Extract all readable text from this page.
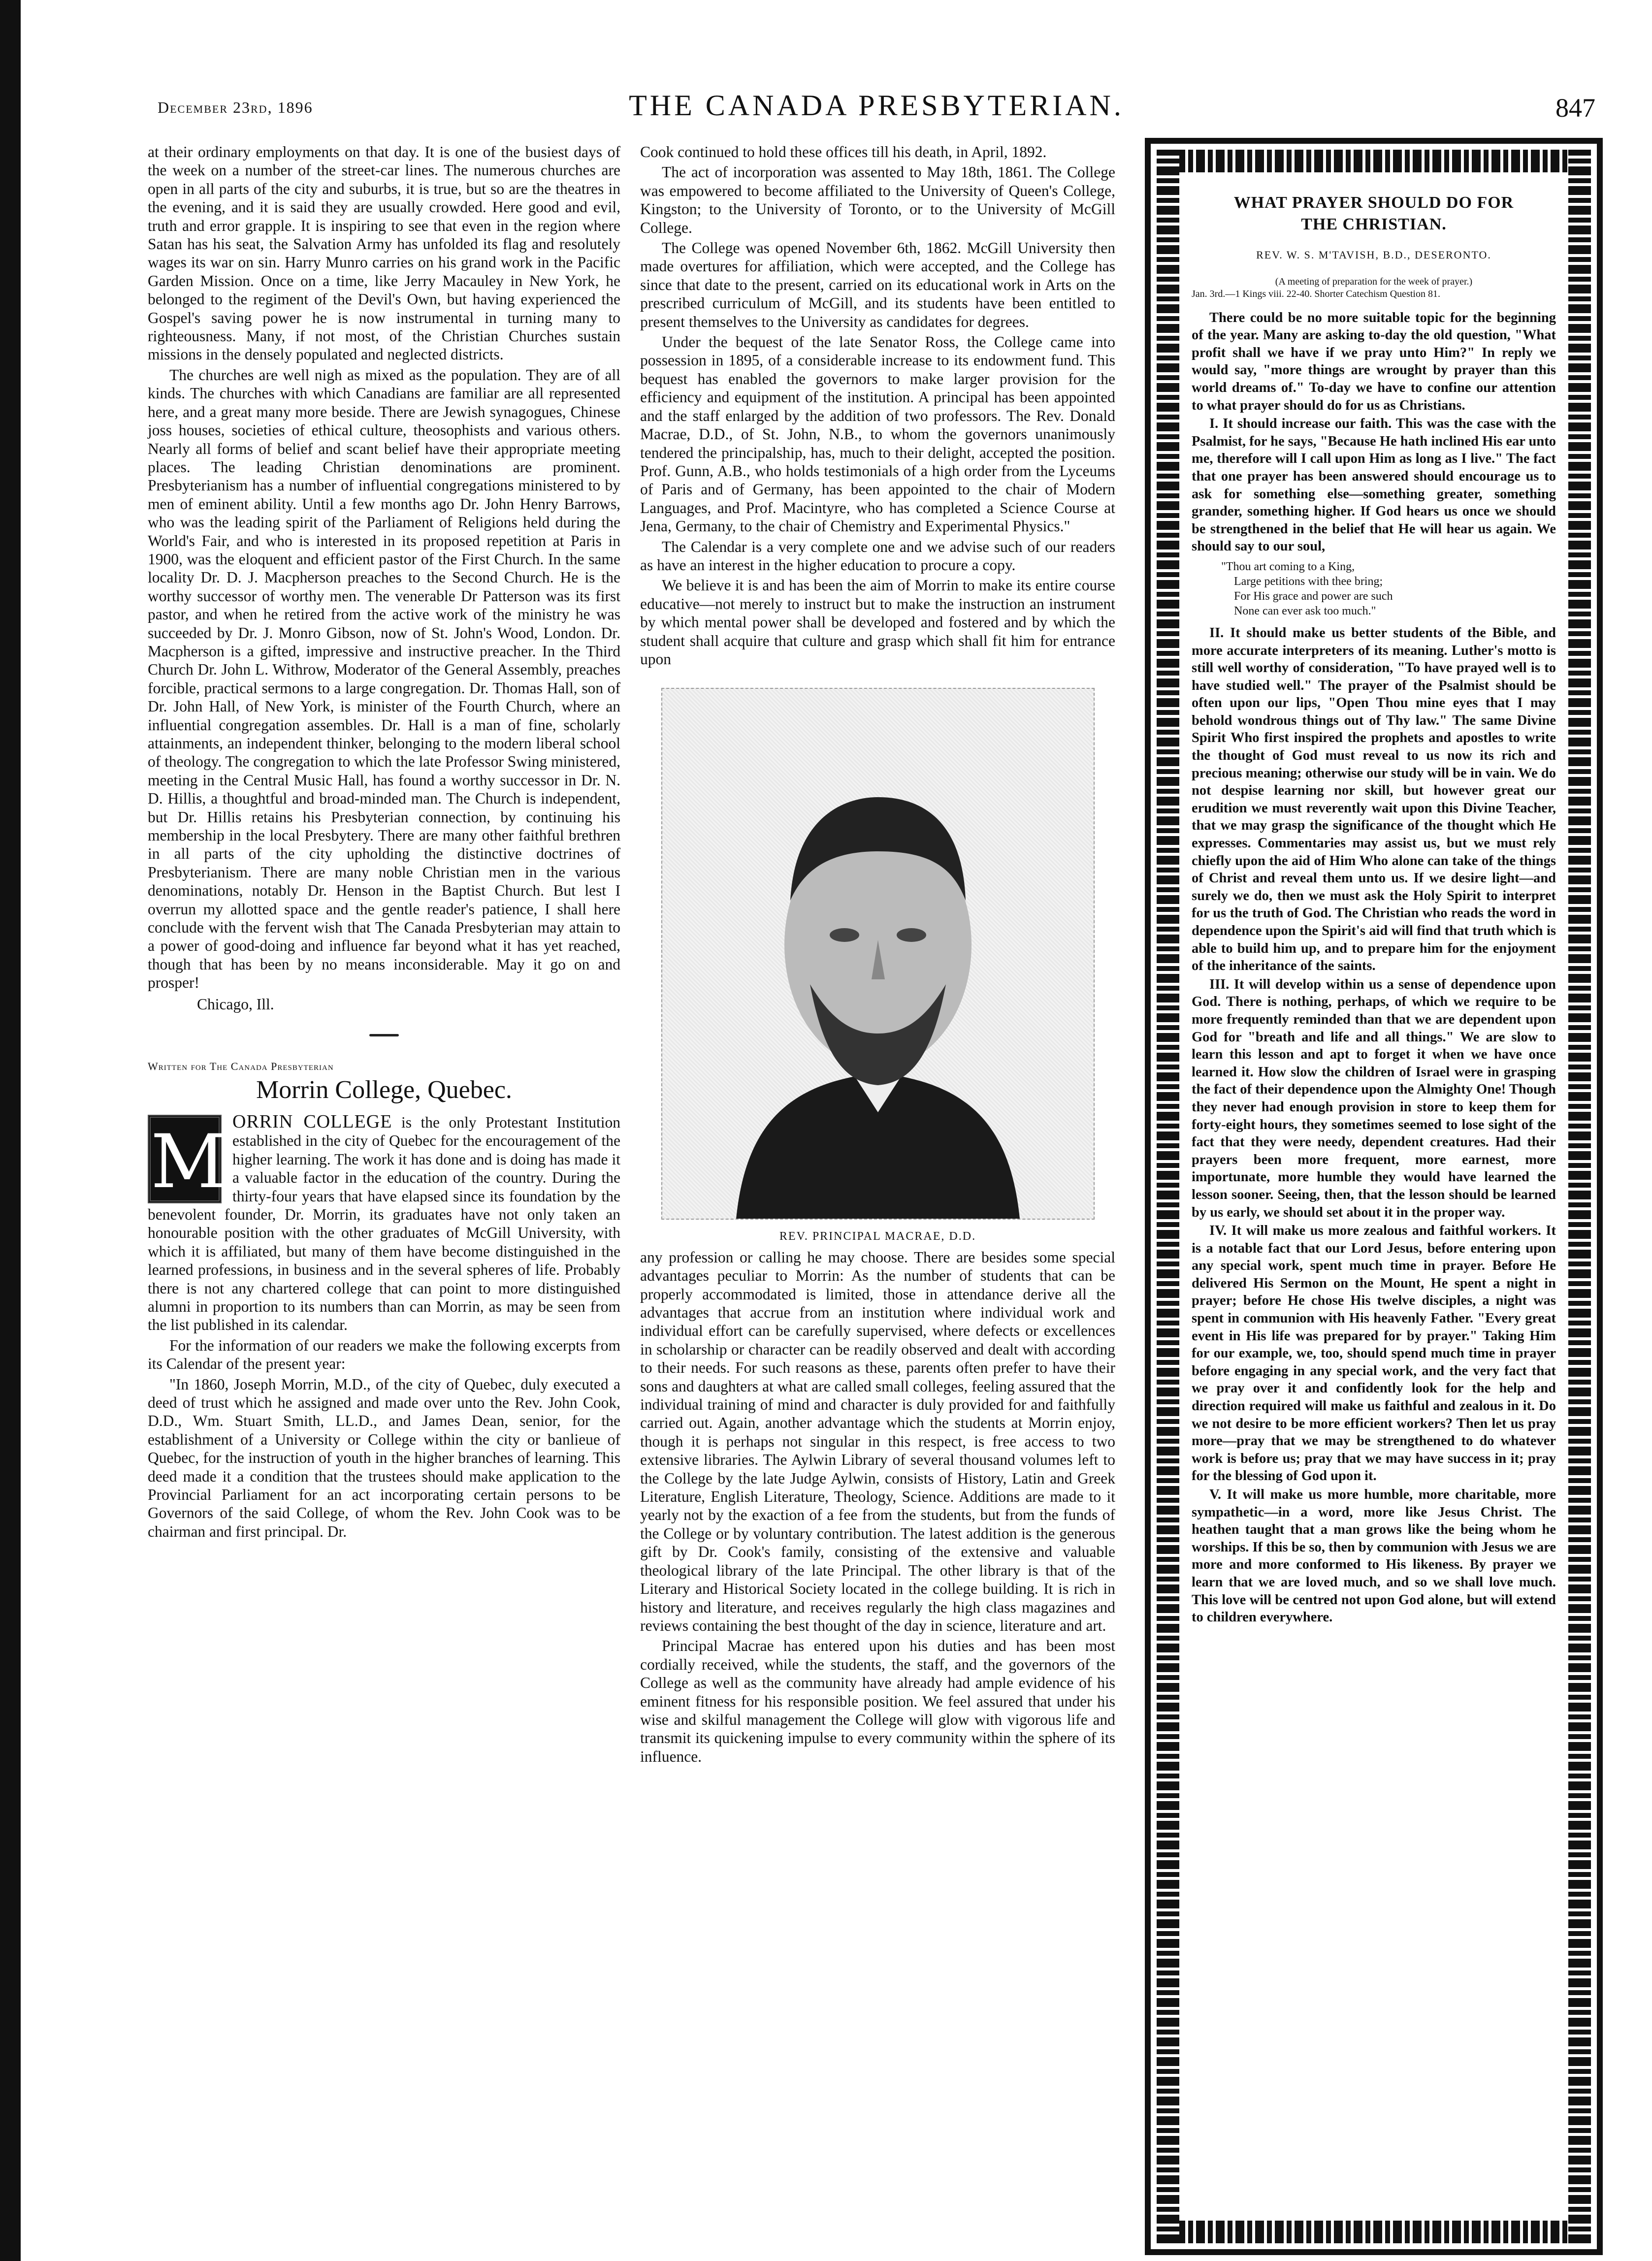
December 23rd, 1896	THE CANADA PRESBYTERIAN.	847

at their ordinary employments on that day. It is one of the busiest days of the week on a number of the street-car lines. The numerous churches are open in all parts of the city and suburbs, it is true, but so are the theatres in the evening, and it is said they are usually crowded. Here good and evil, truth and error grapple. It is inspiring to see that even in the region where Satan has his seat, the Salvation Army has unfolded its flag and resolutely wages its war on sin. Harry Munro carries on his grand work in the Pacific Garden Mission. Once on a time, like Jerry Macauley in New York, he belonged to the regiment of the Devil's Own, but having experienced the Gospel's saving power he is now instrumental in turning many to righteousness. Many, if not most, of the Christian Churches sustain missions in the densely populated and neglected districts.

The churches are well nigh as mixed as the population. They are of all kinds. The churches with which Canadians are familiar are all represented here, and a great many more beside. There are Jewish synagogues, Chinese joss houses, societies of ethical culture, theosophists and various others. Nearly all forms of belief and scant belief have their appropriate meeting places. The leading Christian denominations are prominent. Presbyterianism has a number of influential congregations ministered to by men of eminent ability. Until a few months ago Dr. John Henry Barrows, who was the leading spirit of the Parliament of Religions held during the World's Fair, and who is interested in its proposed repetition at Paris in 1900, was the eloquent and efficient pastor of the First Church. In the same locality Dr. D. J. Macpherson preaches to the Second Church. He is the worthy successor of worthy men. The venerable Dr Patterson was its first pastor, and when he retired from the active work of the ministry he was succeeded by Dr. J. Monro Gibson, now of St. John's Wood, London. Dr. Macpherson is a gifted, impressive and instructive preacher. In the Third Church Dr. John L. Withrow, Moderator of the General Assembly, preaches forcible, practical sermons to a large congregation. Dr. Thomas Hall, son of Dr. John Hall, of New York, is minister of the Fourth Church, where an influential congregation assembles. Dr. Hall is a man of fine, scholarly attainments, an independent thinker, belonging to the modern liberal school of theology. The congregation to which the late Professor Swing ministered, meeting in the Central Music Hall, has found a worthy successor in Dr. N. D. Hillis, a thoughtful and broad-minded man. The Church is independent, but Dr. Hillis retains his Presbyterian connection, by continuing his membership in the local Presbytery. There are many other faithful brethren in all parts of the city upholding the distinctive doctrines of Presbyterianism. There are many noble Christian men in the various denominations, notably Dr. Henson in the Baptist Church. But lest I overrun my allotted space and the gentle reader's patience, I shall here conclude with the fervent wish that The Canada Presbyterian may attain to a power of good-doing and influence far beyond what it has yet reached, though that has been by no means inconsiderable. May it go on and prosper!

Chicago, Ill.

Written for The Canada Presbyterian
Morrin College, Quebec.
M ORRIN COLLEGE is the only Protestant Institution established in the city of Quebec for the encouragement of the higher learning. The work it has done and is doing has made it a valuable factor in the education of the country. During the thirty-four years that have elapsed since its foundation by the benevolent founder, Dr. Morrin, its graduates have not only taken an honourable position with the other graduates of McGill University, with which it is affiliated, but many of them have become distinguished in the learned professions, in business and in the several spheres of life. Probably there is not any chartered college that can point to more distinguished alumni in proportion to its numbers than can Morrin, as may be seen from the list published in its calendar.

For the information of our readers we make the following excerpts from its Calendar of the present year:

"In 1860, Joseph Morrin, M.D., of the city of Quebec, duly executed a deed of trust which he assigned and made over unto the Rev. John Cook, D.D., Wm. Stuart Smith, LL.D., and James Dean, senior, for the establishment of a University or College within the city or banlieue of Quebec, for the instruction of youth in the higher branches of learning. This deed made it a condition that the trustees should make application to the Provincial Parliament for an act incorporating certain persons to be Governors of the said College, of whom the Rev. John Cook was to be chairman and first principal. Dr.

Cook continued to hold these offices till his death, in April, 1892.

The act of incorporation was assented to May 18th, 1861. The College was empowered to become affiliated to the University of Queen's College, Kingston; to the University of Toronto, or to the University of McGill College.

The College was opened November 6th, 1862. McGill University then made overtures for affiliation, which were accepted, and the College has since that date to the present, carried on its educational work in Arts on the prescribed curriculum of McGill, and its students have been entitled to present themselves to the University as candidates for degrees.

Under the bequest of the late Senator Ross, the College came into possession in 1895, of a considerable increase to its endowment fund. This bequest has enabled the governors to make larger provision for the efficiency and equipment of the institution. A principal has been appointed and the staff enlarged by the addition of two professors. The Rev. Donald Macrae, D.D., of St. John, N.B., to whom the governors unanimously tendered the principalship, has, much to their delight, accepted the position. Prof. Gunn, A.B., who holds testimonials of a high order from the Lyceums of Paris and of Germany, has been appointed to the chair of Modern Languages, and Prof. Macintyre, who has completed a Science Course at Jena, Germany, to the chair of Chemistry and Experimental Physics."

The Calendar is a very complete one and we advise such of our readers as have an interest in the higher education to procure a copy.

We believe it is and has been the aim of Morrin to make its entire course educative—not merely to instruct but to make the instruction an instrument by which mental power shall be developed and fostered and by which the student shall acquire that culture and grasp which shall fit him for entrance upon

REV. PRINCIPAL MACRAE, D.D.

any profession or calling he may choose. There are besides some special advantages peculiar to Morrin: As the number of students that can be properly accommodated is limited, those in attendance derive all the advantages that accrue from an institution where individual work and individual effort can be carefully supervised, where defects or excellences in scholarship or character can be readily observed and dealt with according to their needs. For such reasons as these, parents often prefer to have their sons and daughters at what are called small colleges, feeling assured that the individual training of mind and character is duly provided for and faithfully carried out. Again, another advantage which the students at Morrin enjoy, though it is perhaps not singular in this respect, is free access to two extensive libraries. The Aylwin Library of several thousand volumes left to the College by the late Judge Aylwin, consists of History, Latin and Greek Literature, English Literature, Theology, Science. Additions are made to it yearly not by the exaction of a fee from the students, but from the funds of the College or by voluntary contribution. The latest addition is the generous gift by Dr. Cook's family, consisting of the extensive and valuable theological library of the late Principal. The other library is that of the Literary and Historical Society located in the college building. It is rich in history and literature, and receives regularly the high class magazines and reviews containing the best thought of the day in science, literature and art.

Principal Macrae has entered upon his duties and has been most cordially received, while the students, the staff, and the governors of the College as well as the community have already had ample evidence of his eminent fitness for his responsible position. We feel assured that under his wise and skilful management the College will glow with vigorous life and transmit its quickening impulse to every community within the sphere of its influence.

WHAT PRAYER SHOULD DO FOR
THE CHRISTIAN.
REV. W. S. M'TAVISH, B.D., DESERONTO.
(A meeting of preparation for the week of prayer.)
Jan. 3rd.—1 Kings viii. 22-40. Shorter Catechism Question 81.

There could be no more suitable topic for the beginning of the year. Many are asking to-day the old question, "What profit shall we have if we pray unto Him?" In reply we would say, "more things are wrought by prayer than this world dreams of." To-day we have to confine our attention to what prayer should do for us as Christians.

I. It should increase our faith. This was the case with the Psalmist, for he says, "Because He hath inclined His ear unto me, therefore will I call upon Him as long as I live." The fact that one prayer has been answered should encourage us to ask for something else—something greater, something grander, something higher. If God hears us once we should be strengthened in the belief that He will hear us again. We should say to our soul,

"Thou art coming to a King,
Large petitions with thee bring;
For His grace and power are such
None can ever ask too much."

II. It should make us better students of the Bible, and more accurate interpreters of its meaning. Luther's motto is still well worthy of consideration, "To have prayed well is to have studied well." The prayer of the Psalmist should be often upon our lips, "Open Thou mine eyes that I may behold wondrous things out of Thy law." The same Divine Spirit Who first inspired the prophets and apostles to write the thought of God must reveal to us now its rich and precious meaning; otherwise our study will be in vain. We do not despise learning nor skill, but however great our erudition we must reverently wait upon this Divine Teacher, that we may grasp the significance of the thought which He expresses. Commentaries may assist us, but we must rely chiefly upon the aid of Him Who alone can take of the things of Christ and reveal them unto us. If we desire light—and surely we do, then we must ask the Holy Spirit to interpret for us the truth of God. The Christian who reads the word in dependence upon the Spirit's aid will find that truth which is able to build him up, and to prepare him for the enjoyment of the inheritance of the saints.

III. It will develop within us a sense of dependence upon God. There is nothing, perhaps, of which we require to be more frequently reminded than that we are dependent upon God for "breath and life and all things." We are slow to learn this lesson and apt to forget it when we have once learned it. How slow the children of Israel were in grasping the fact of their dependence upon the Almighty One! Though they never had enough provision in store to keep them for forty-eight hours, they sometimes seemed to lose sight of the fact that they were needy, dependent creatures. Had their prayers been more frequent, more earnest, more importunate, more humble they would have learned the lesson sooner. Seeing, then, that the lesson should be learned by us early, we should set about it in the proper way.

IV. It will make us more zealous and faithful workers. It is a notable fact that our Lord Jesus, before entering upon any special work, spent much time in prayer. Before He delivered His Sermon on the Mount, He spent a night in prayer; before He chose His twelve disciples, a night was spent in communion with His heavenly Father. "Every great event in His life was prepared for by prayer." Taking Him for our example, we, too, should spend much time in prayer before engaging in any special work, and the very fact that we pray over it and confidently look for the help and direction required will make us faithful and zealous in it. Do we not desire to be more efficient workers? Then let us pray more—pray that we may be strengthened to do whatever work is before us; pray that we may have success in it; pray for the blessing of God upon it.

V. It will make us more humble, more charitable, more sympathetic—in a word, more like Jesus Christ. The heathen taught that a man grows like the being whom he worships. If this be so, then by communion with Jesus we are more and more conformed to His likeness. By prayer we learn that we are loved much, and so we shall love much. This love will be centred not upon God alone, but will extend to children everywhere.
